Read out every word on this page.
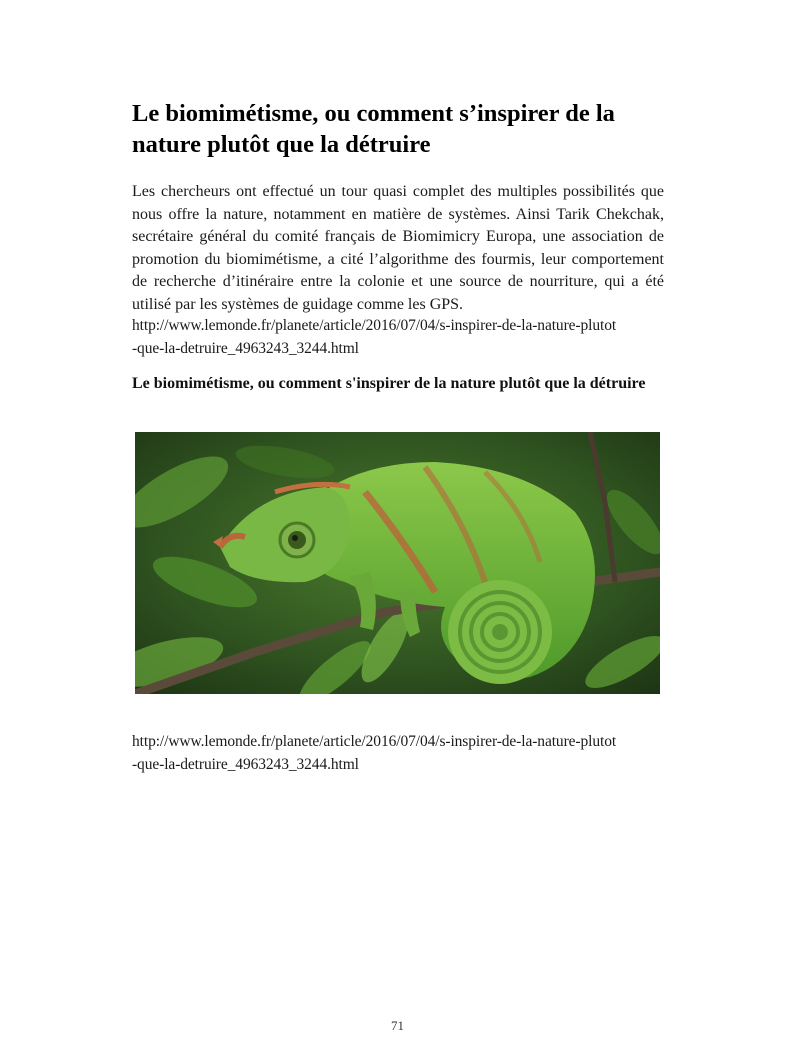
Le biomimétisme, ou comment s’inspirer de la nature plutôt que la détruire

Les chercheurs ont effectué un tour quasi complet des multiples possibilités que nous offre la nature, notamment en matière de systèmes. Ainsi Tarik Chekchak, secrétaire général du comité français de Biomimicry Europa, une association de promotion du biomimétisme, a cité l’algorithme des fourmis, leur comportement de recherche d’itinéraire entre la colonie et une source de nourriture, qui a été utilisé par les systèmes de guidage comme les GPS.

http://www.lemonde.fr/planete/article/2016/07/04/s-inspirer-de-la-nature-plutot
-que-la-detruire_4963243_3244.html

Le biomimétisme, ou comment s'inspirer de la nature plutôt que la détruire

http://www.lemonde.fr/planete/article/2016/07/04/s-inspirer-de-la-nature-plutot
-que-la-detruire_4963243_3244.html
71
